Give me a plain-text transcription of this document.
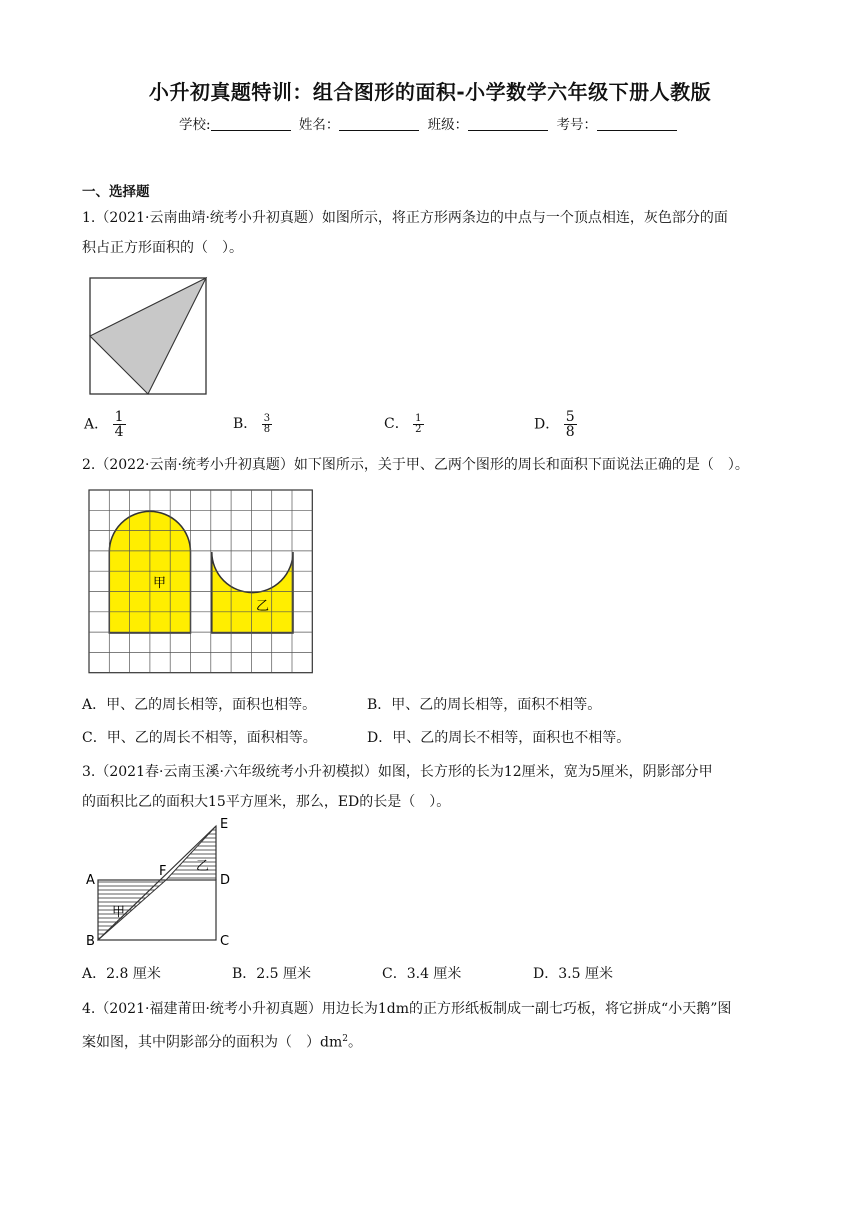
小升初真题特训：组合图形的面积-小学数学六年级下册人教版
学校:	姓名：	班级：	考号：
一、选择题
1.（2021·云南曲靖·统考小升初真题）如图所示，将正方形两条边的中点与一个顶点相连，灰色部分的面
积占正方形面积的（　）。
A． $\frac{1}{4}$	B． $\frac{3}{8}$	C． $\frac{1}{2}$	D． $\frac{5}{8}$
2.（2022·云南·统考小升初真题）如下图所示，关于甲、乙两个图形的周长和面积下面说法正确的是（　）。
甲
乙
A．甲、乙的周长相等，面积也相等。	B．甲、乙的周长相等，面积不相等。
C．甲、乙的周长不相等，面积相等。	D．甲、乙的周长不相等，面积也不相等。
3.（2021春·云南玉溪·六年级统考小升初模拟）如图，长方形的长为12厘米，宽为5厘米，阴影部分甲
的面积比乙的面积大15平方厘米，那么，ED的长是（　）。
A
B	C
D
E
F
甲
乙
A．2.8 厘米	B．2.5 厘米	C．3.4 厘米	D．3.5 厘米
4.（2021·福建莆田·统考小升初真题）用边长为1dm的正方形纸板制成一副七巧板，将它拼成“小天鹅”图
案如图，其中阴影部分的面积为（　）$dm^2$。
